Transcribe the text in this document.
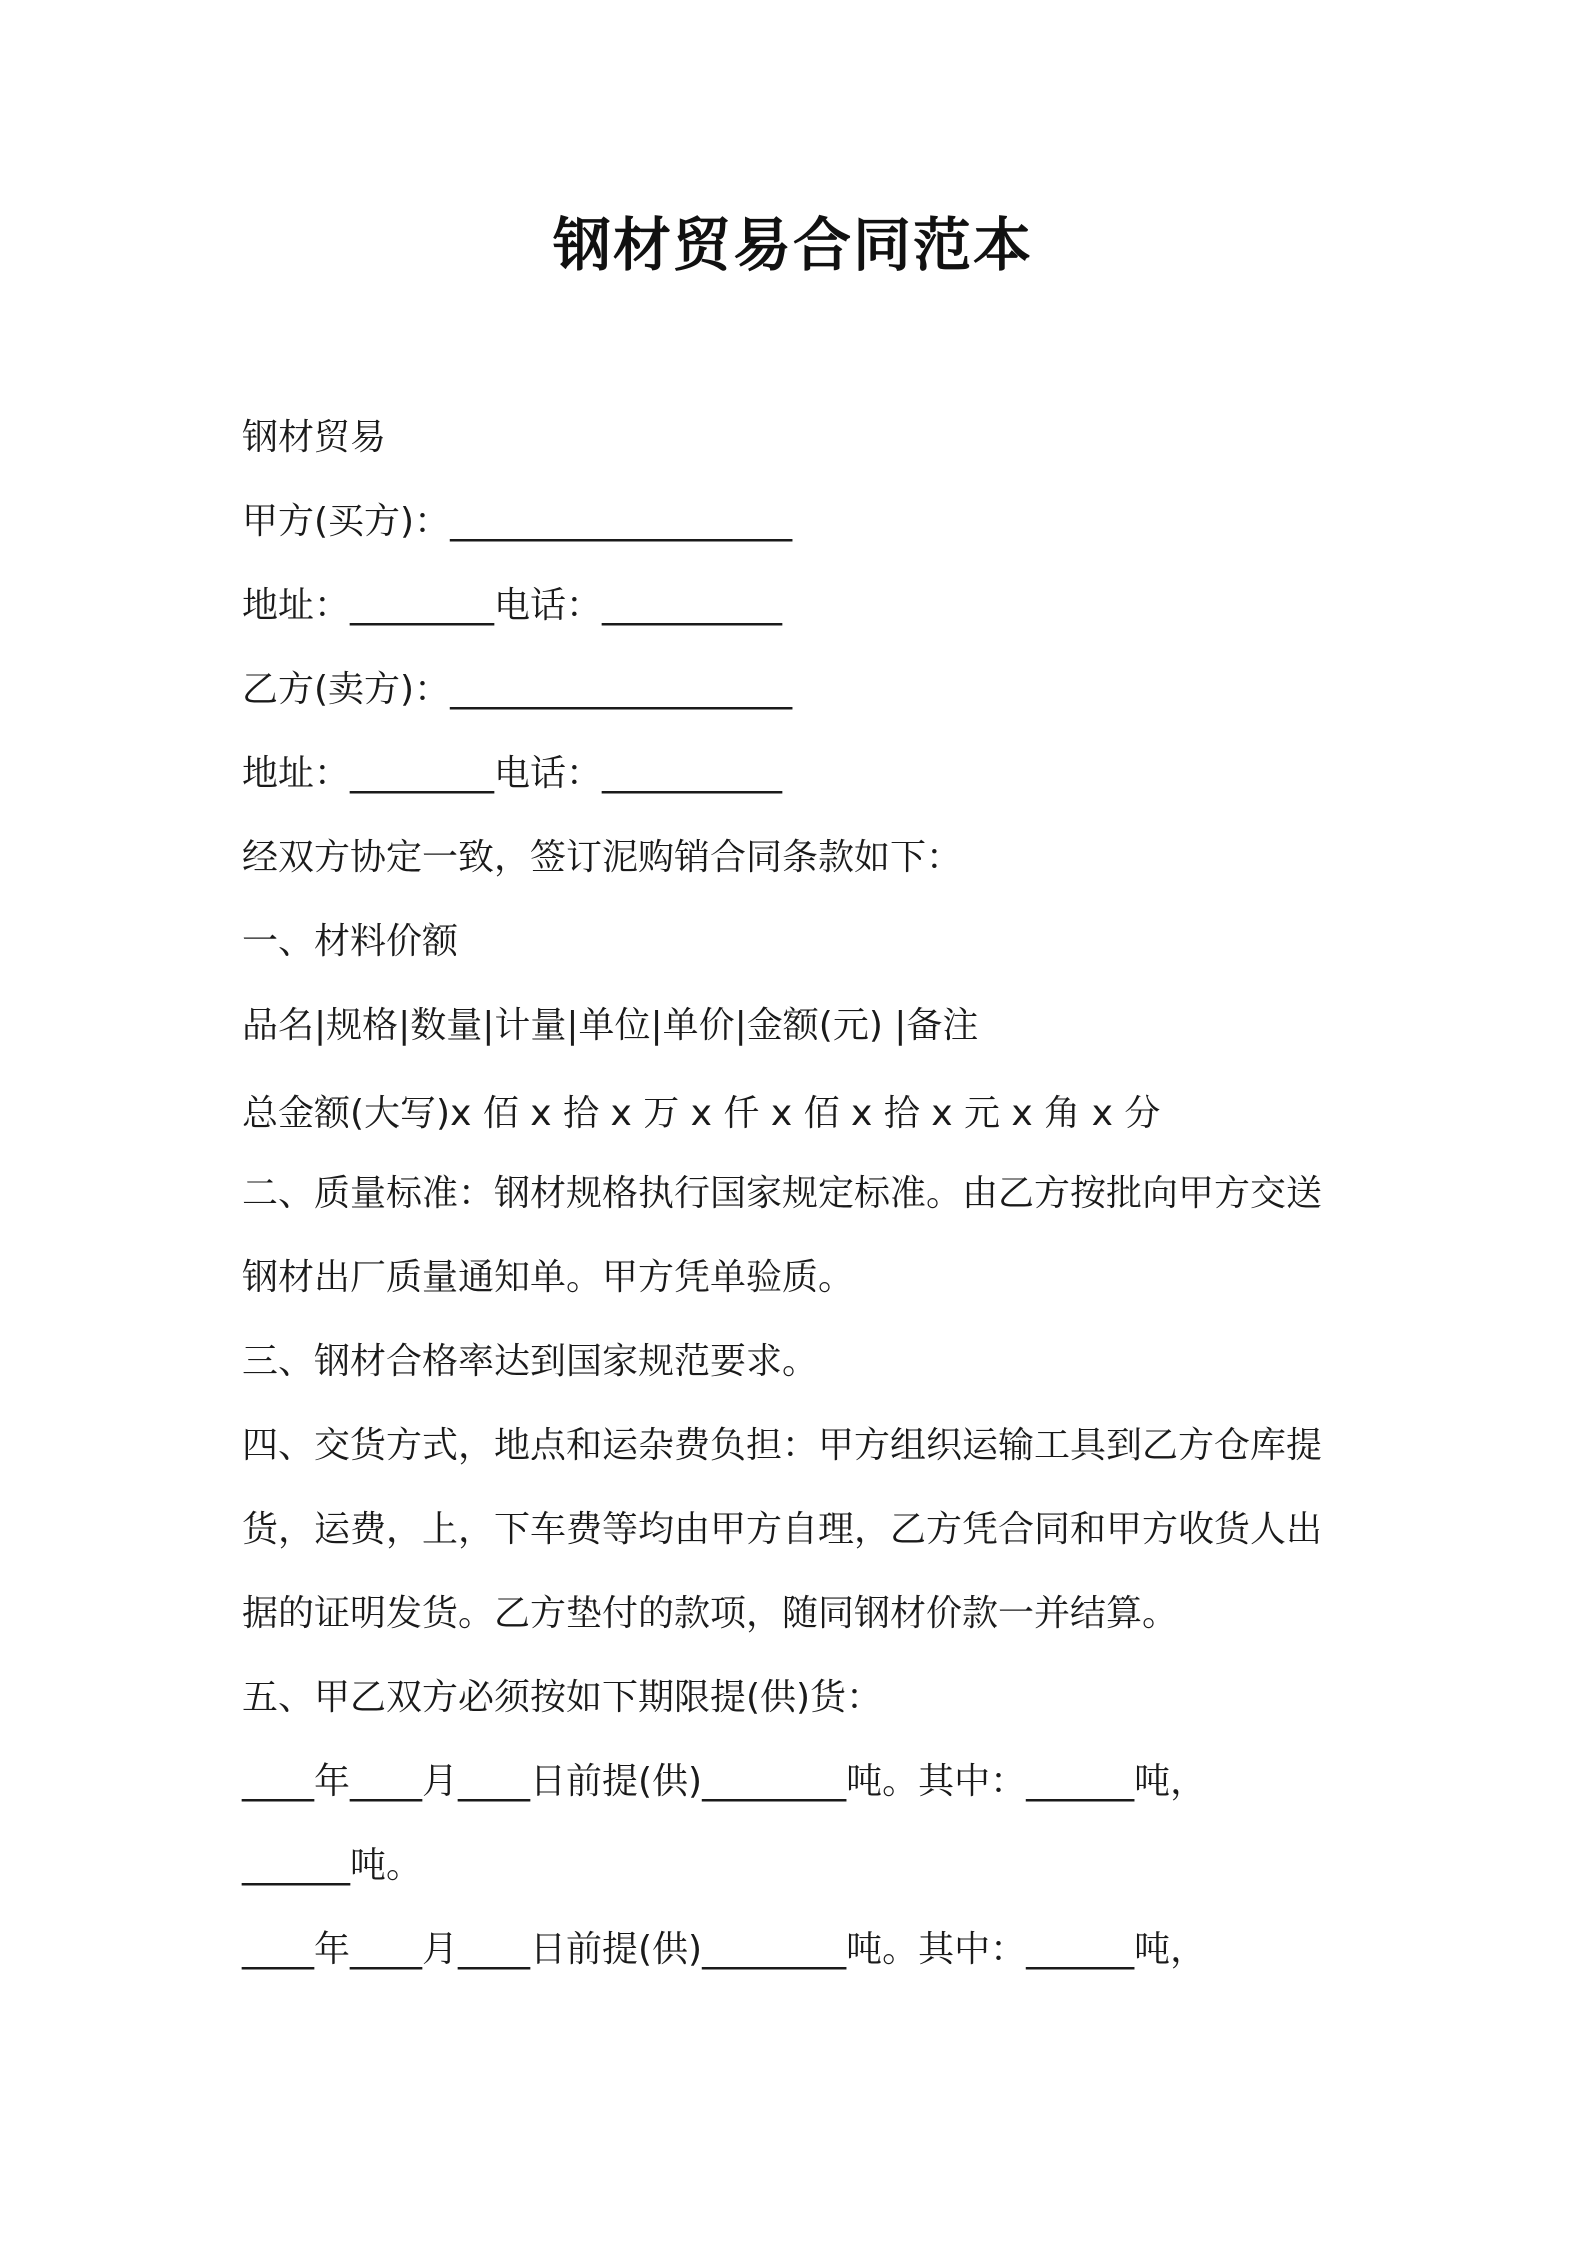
钢材贸易合同范本
钢材贸易
甲方(买方)：___________________
地址：________电话：__________
乙方(卖方)：___________________
地址：________电话：__________
经双方协定一致，签订泥购销合同条款如下：
一、材料价额
品名|规格|数量|计量|单位|单价|金额(元) |备注
总金额(大写)x 佰 x 拾 x 万 x 仟 x 佰 x 拾 x 元 x 角 x 分
二、质量标准：钢材规格执行国家规定标准。由乙方按批向甲方交送
钢材出厂质量通知单。甲方凭单验质。
三、钢材合格率达到国家规范要求。
四、交货方式，地点和运杂费负担：甲方组织运输工具到乙方仓库提
货，运费，上，下车费等均由甲方自理，乙方凭合同和甲方收货人出
据的证明发货。乙方垫付的款项，随同钢材价款一并结算。
五、甲乙双方必须按如下期限提(供)货：
____年____月____日前提(供)________吨。其中：______吨，
______吨。
____年____月____日前提(供)________吨。其中：______吨，
